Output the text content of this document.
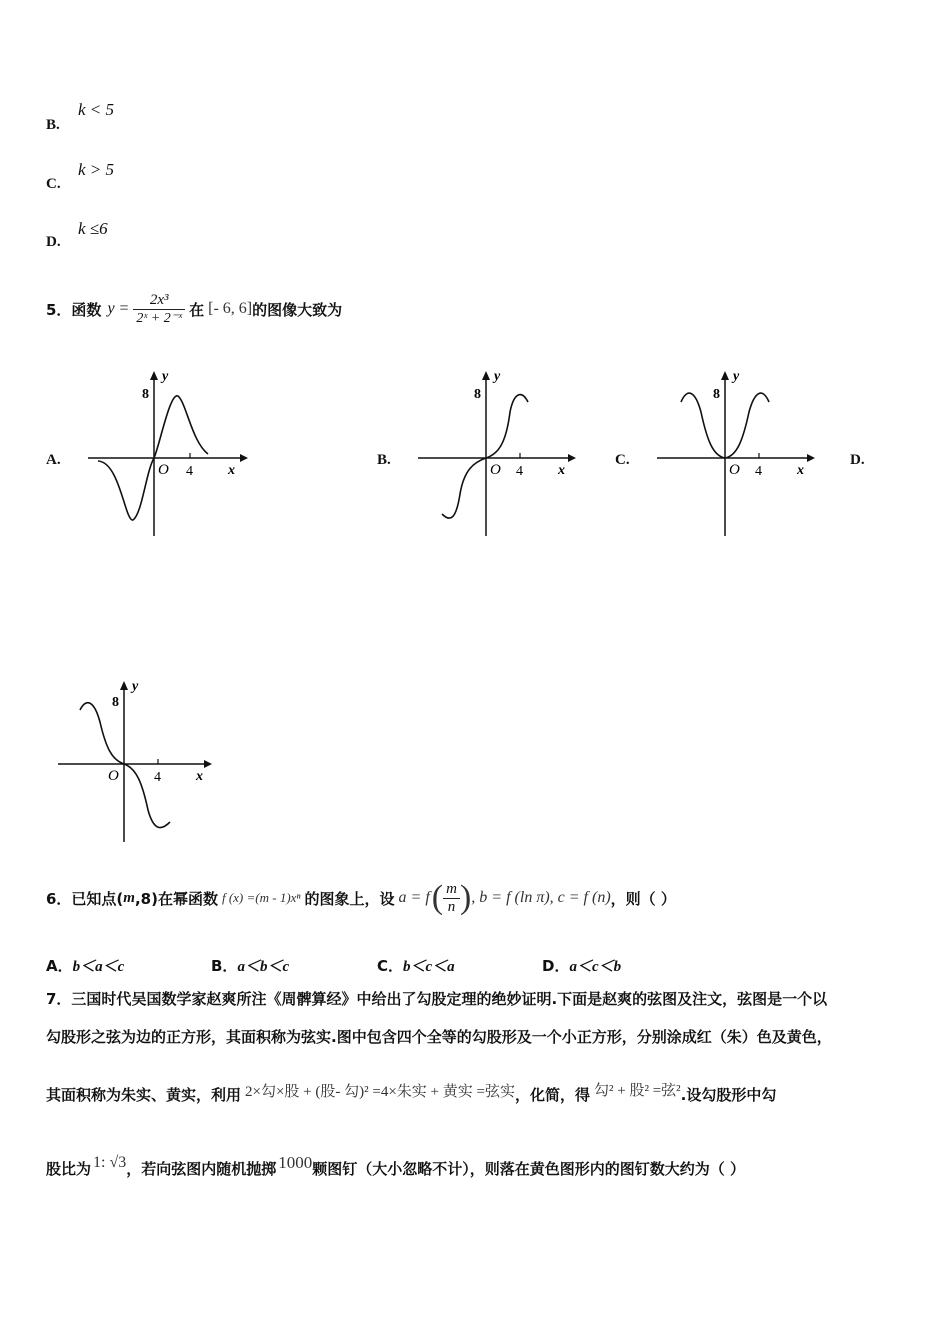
B.
k < 5
C.
k > 5
D.
k ≤6
5．函数 $y = \frac{\text{2x³}}{\text{2ˣ + 2⁻ˣ}}$ 在 [- 6, 6] 的图像大致为
A.	B.	C.	D.
8
y
O 4	x
8
y
O 4	x
8
y
O 4	x
8
y
O	4	x
6．已知点( m ,8)在幂函数 f (x) =(m - 1)xⁿ 的图象上，设 a = f ( $\frac{m}{n}$ ) , b = f (ln π), c = f (n) ，则（ ）
A．b＜a＜c	B．a＜b＜c	C．b＜c＜a	D．a＜c＜b
7．三国时代吴国数学家赵爽所注《周髀算经》中给出了勾股定理的绝妙证明.下面是赵爽的弦图及注文，弦图是一个以
勾股形之弦为边的正方形，其面积称为弦实.图中包含四个全等的勾股形及一个小正方形，分别涂成红（朱）色及黄色，
其面积称为朱实、黄实，利用 2×勾×股 + (股- 勾)² =4×朱实 + 黄实 =弦实 ，化简，得 勾² + 股² =弦² .设勾股形中勾
股比为 1: √3 ，若向弦图内随机抛掷 1000 颗图钉（大小忽略不计），则落在黄色图形内的图钉数大约为（ ）
